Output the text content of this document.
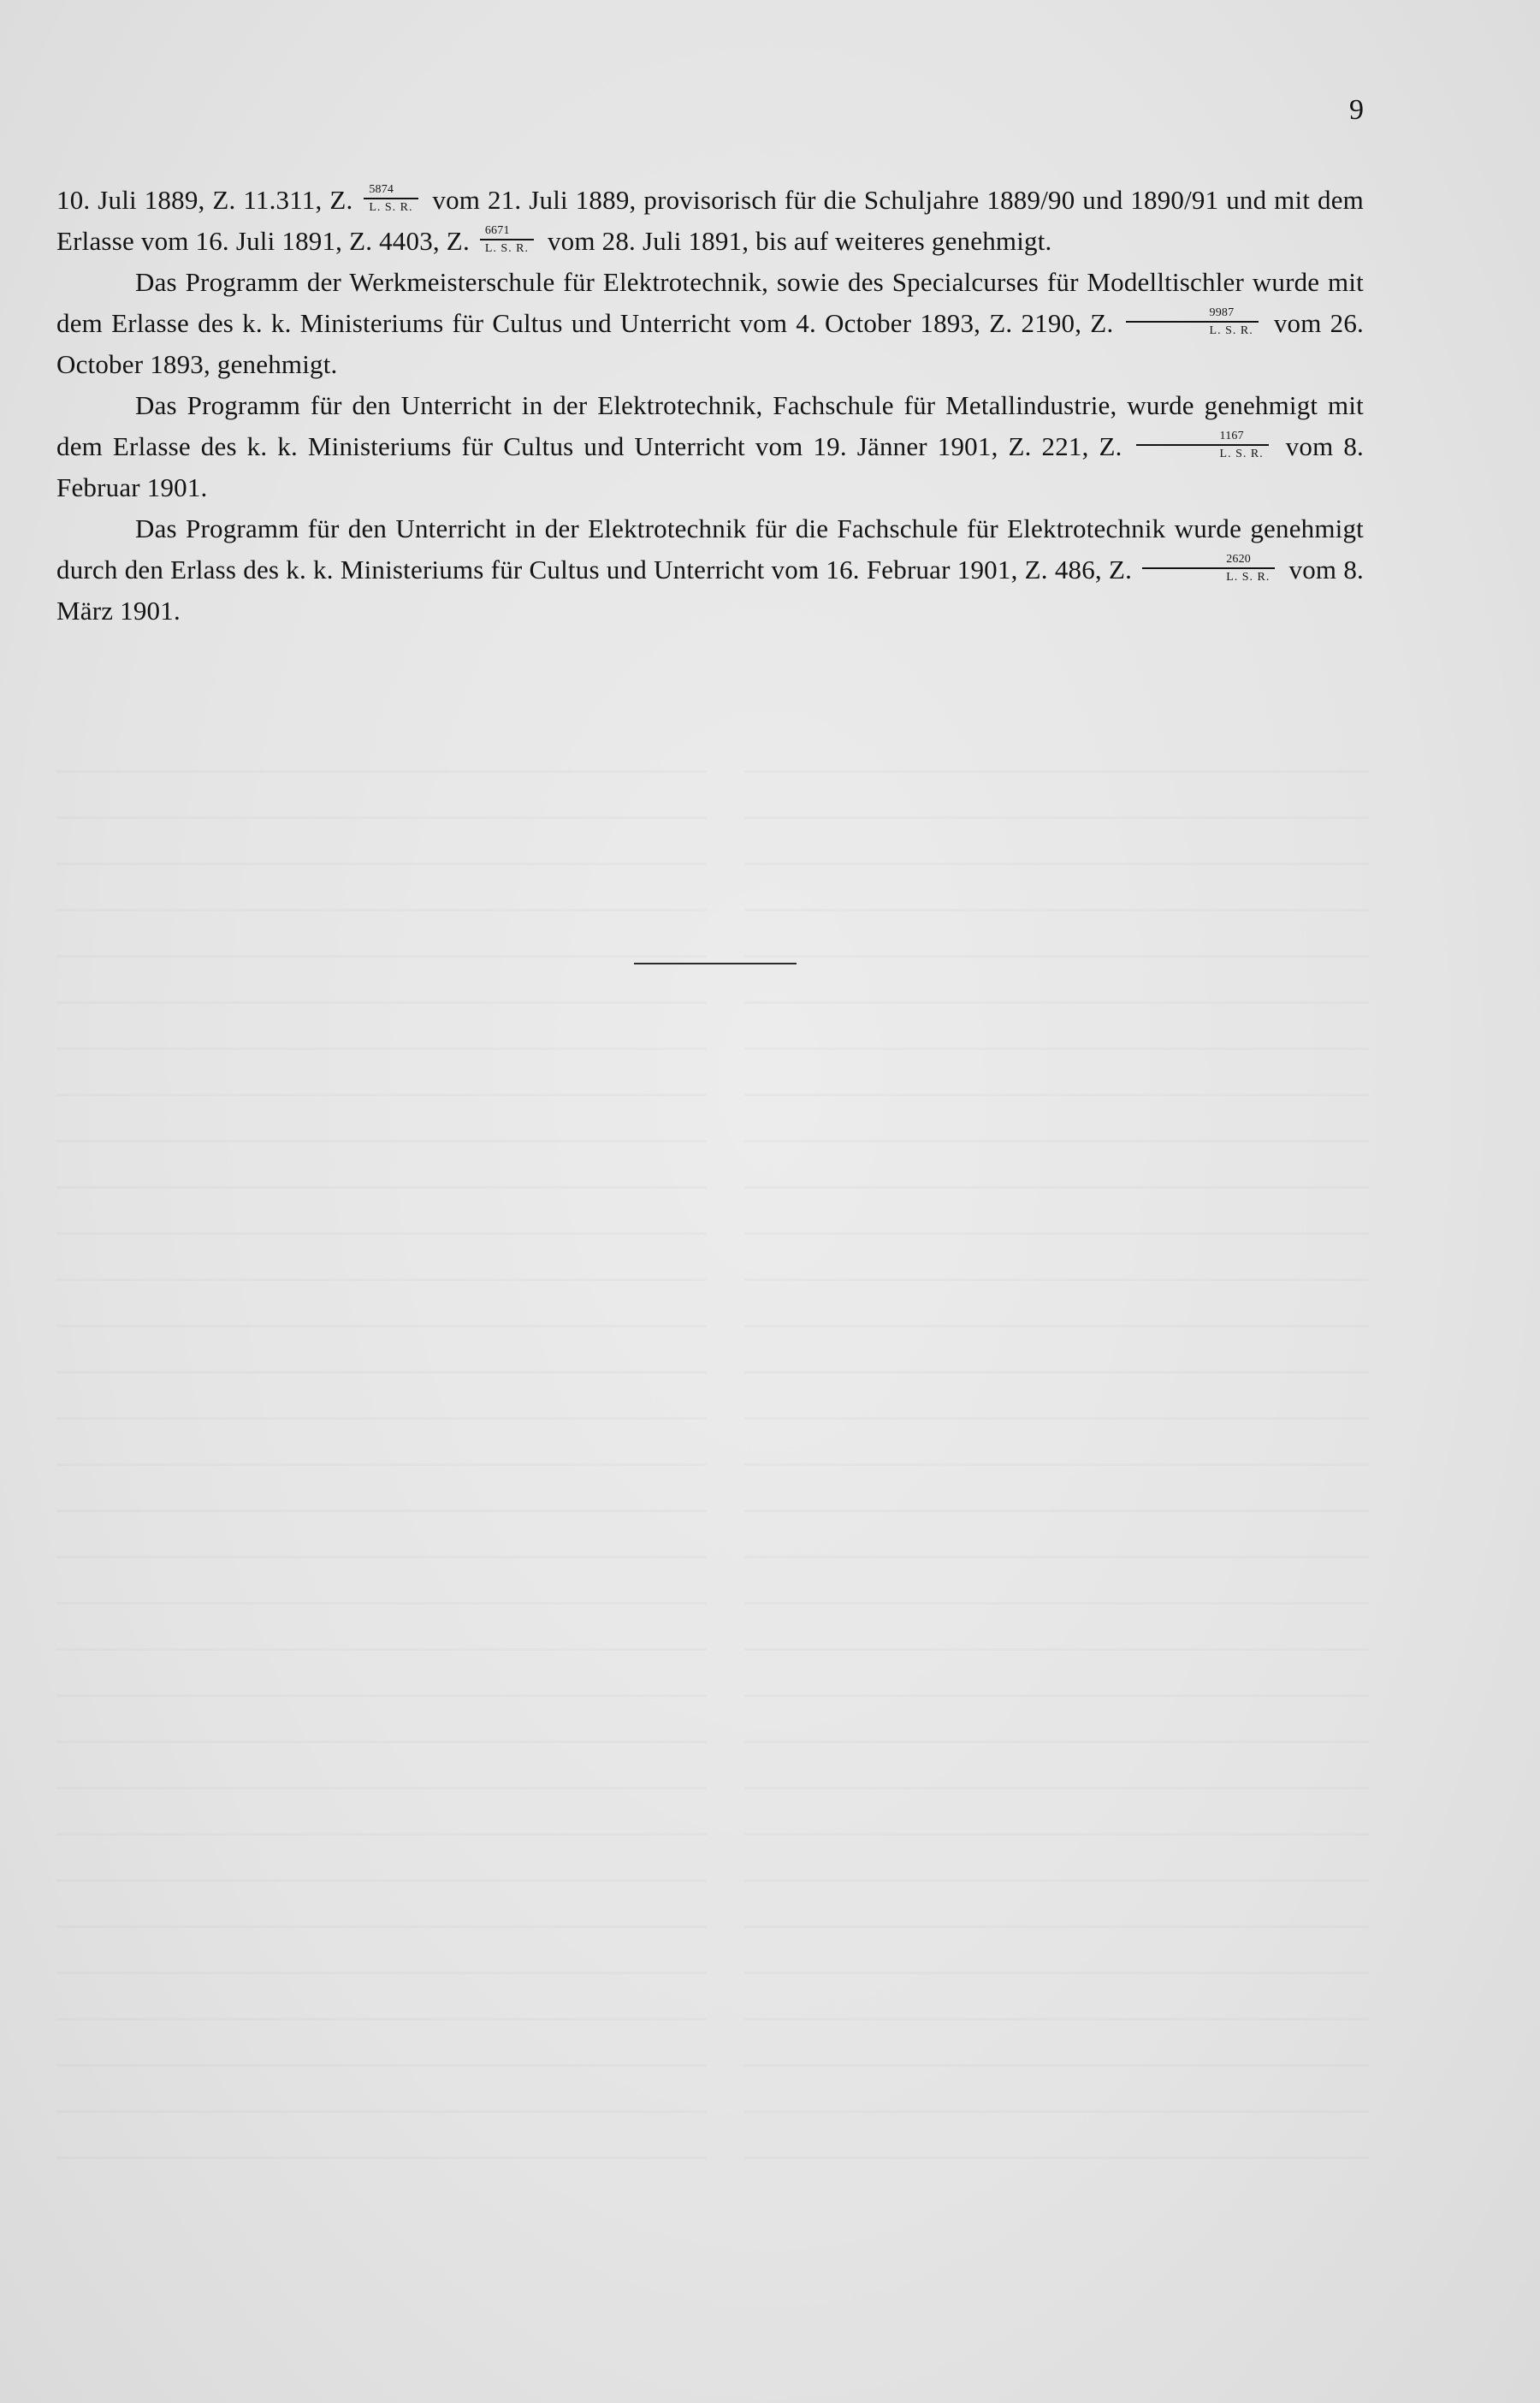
9

10. Juli 1889, Z. 11.311, Z. $\frac{5874}{L. S. R.}$ vom 21. Juli 1889, provisorisch für die Schuljahre 1889/90 und 1890/91 und mit dem Erlasse vom 16. Juli 1891, Z. 4403, Z. $\frac{6671}{L. S. R.}$ vom 28. Juli 1891, bis auf weiteres genehmigt.

Das Programm der Werkmeisterschule für Elektrotechnik, sowie des Specialcurses für Modelltischler wurde mit dem Erlasse des k. k. Ministeriums für Cultus und Unterricht vom 4. October 1893, Z. 2190, Z. $\frac{9987}{L. S. R.}$ vom 26. October 1893, genehmigt.

Das Programm für den Unterricht in der Elektrotechnik, Fachschule für Metallindustrie, wurde genehmigt mit dem Erlasse des k. k. Ministeriums für Cultus und Unterricht vom 19. Jänner 1901, Z. 221, Z. $\frac{1167}{L. S. R.}$ vom 8. Februar 1901.

Das Programm für den Unterricht in der Elektrotechnik für die Fachschule für Elektrotechnik wurde genehmigt durch den Erlass des k. k. Ministeriums für Cultus und Unterricht vom 16. Februar 1901, Z. 486, Z. $\frac{2620}{L. S. R.}$ vom 8. März 1901.
